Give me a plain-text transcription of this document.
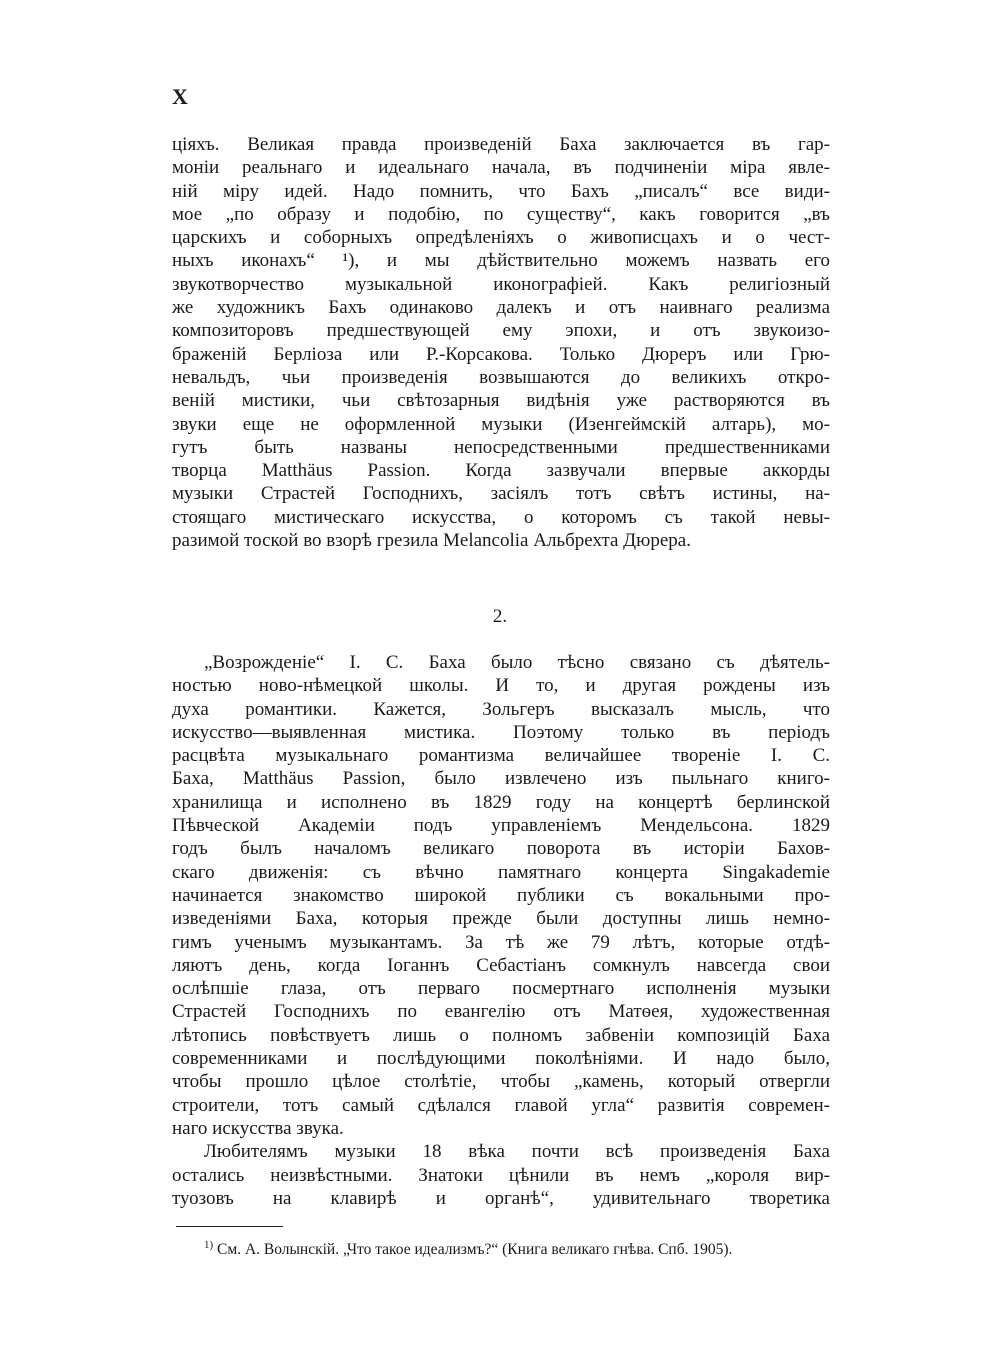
X
ціяхъ. Великая правда произведеній Баха заключается въ гар-
моніи реальнаго и идеальнаго начала, въ подчиненіи міра явле-
ній міру идей. Надо помнить, что Бахъ „писалъ“ все види-
мое „по образу и подобію, по существу“, какъ говорится „въ
царскихъ и соборныхъ опредѣленіяхъ о живописцахъ и о чест-
ныхъ иконахъ“ ¹), и мы дѣйствительно можемъ назвать его
звукотворчество музыкальной иконографіей. Какъ религіозный
же художникъ Бахъ одинаково далекъ и отъ наивнаго реализма
композиторовъ предшествующей ему эпохи, и отъ звукоизо-
браженій Берліоза или Р.-Корсакова. Только Дюреръ или Грю-
невальдъ, чьи произведенія возвышаются до великихъ откро-
веній мистики, чьи свѣтозарныя видѣнія уже растворяются въ
звуки еще не оформленной музыки (Изенгеймскій алтарь), мо-
гутъ быть названы непосредственными предшественниками
творца Matthäus Passion. Когда зазвучали впервые аккорды
музыки Страстей Господнихъ, засіялъ тотъ свѣтъ истины, на-
стоящаго мистическаго искусства, о которомъ съ такой невы-
разимой тоской во взорѣ грезила Melancolia Альбрехта Дюрера.
2.
„Возрожденіе“ І. С. Баха было тѣсно связано съ дѣятель-
ностью ново-нѣмецкой школы. И то, и другая рождены изъ
духа романтики. Кажется, Зольгеръ высказалъ мысль, что
искусство—выявленная мистика. Поэтому только въ періодъ
расцвѣта музыкальнаго романтизма величайшее твореніе І. С.
Баха, Matthäus Passion, было извлечено изъ пыльнаго книго-
хранилища и исполнено въ 1829 году на концертѣ берлинской
Пѣвческой Академіи подъ управленіемъ Мендельсона. 1829
годъ былъ началомъ великаго поворота въ исторіи Бахов-
скаго движенія: съ вѣчно памятнаго концерта Singakademie
начинается знакомство широкой публики съ вокальными про-
изведеніями Баха, которыя прежде были доступны лишь немно-
гимъ ученымъ музыкантамъ. За тѣ же 79 лѣтъ, которые отдѣ-
ляютъ день, когда Іоганнъ Себастіанъ сомкнулъ навсегда свои
ослѣпшіе глаза, отъ перваго посмертнаго исполненія музыки
Страстей Господнихъ по евангелію отъ Матѳея, художественная
лѣтопись повѣствуетъ лишь о полномъ забвеніи композицій Баха
современниками и послѣдующими поколѣніями. И надо было,
чтобы прошло цѣлое столѣтіе, чтобы „камень, который отвергли
строители, тотъ самый сдѣлался главой угла“ развитія современ-
наго искусства звука.
Любителямъ музыки 18 вѣка почти всѣ произведенія Баха
остались неизвѣстными. Знатоки цѣнили въ немъ „короля вир-
туозовъ на клавирѣ и органѣ“, удивительнаго творетика
$^{1)}$ См. А. Волынскій. „Что такое идеализмъ?“ (Книга великаго гнѣва. Спб. 1905).
